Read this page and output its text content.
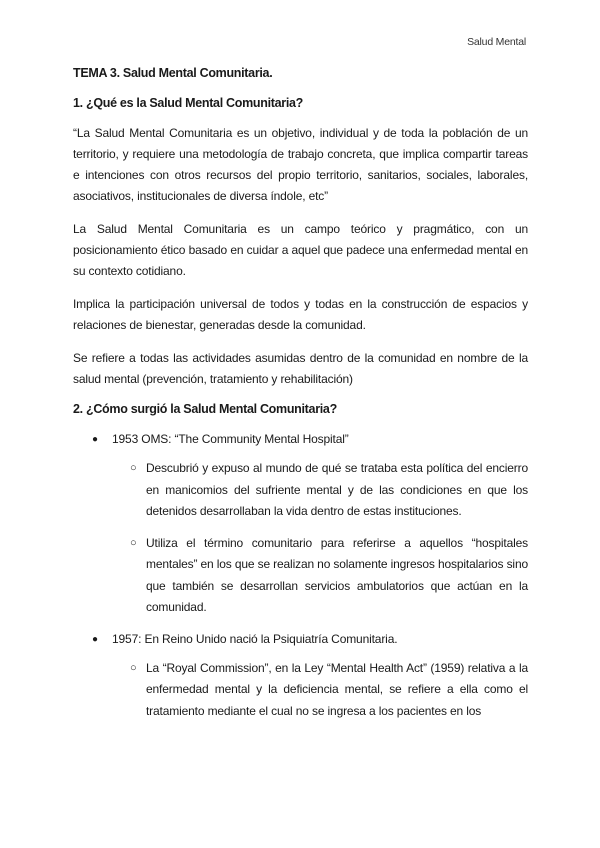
Salud Mental
TEMA 3. Salud Mental Comunitaria.
1. ¿Qué es la Salud Mental Comunitaria?

“La Salud Mental Comunitaria es un objetivo, individual y de toda la población de un territorio, y requiere una metodología de trabajo concreta, que implica compartir tareas e intenciones con otros recursos del propio territorio, sanitarios, sociales, laborales, asociativos, institucionales de diversa índole, etc”

La Salud Mental Comunitaria es un campo teórico y pragmático, con un posicionamiento ético basado en cuidar a aquel que padece una enfermedad mental en su contexto cotidiano.

Implica la participación universal de todos y todas en la construcción de espacios y relaciones de bienestar, generadas desde la comunidad.

Se refiere a todas las actividades asumidas dentro de la comunidad en nombre de la salud mental (prevención, tratamiento y rehabilitación)

2. ¿Cómo surgió la Salud Mental Comunitaria?
● 1953 OMS: “The Community Mental Hospital”
○ Descubrió y expuso al mundo de qué se trataba esta política del encierro en manicomios del sufriente mental y de las condiciones en que los detenidos desarrollaban la vida dentro de estas instituciones.
○ Utiliza el término comunitario para referirse a aquellos “hospitales mentales” en los que se realizan no solamente ingresos hospitalarios sino que también se desarrollan servicios ambulatorios que actúan en la comunidad.
● 1957: En Reino Unido nació la Psiquiatría Comunitaria.
○ La “Royal Commission”, en la Ley “Mental Health Act” (1959) relativa a la enfermedad mental y la deficiencia mental, se refiere a ella como el tratamiento mediante el cual no se ingresa a los pacientes en los
